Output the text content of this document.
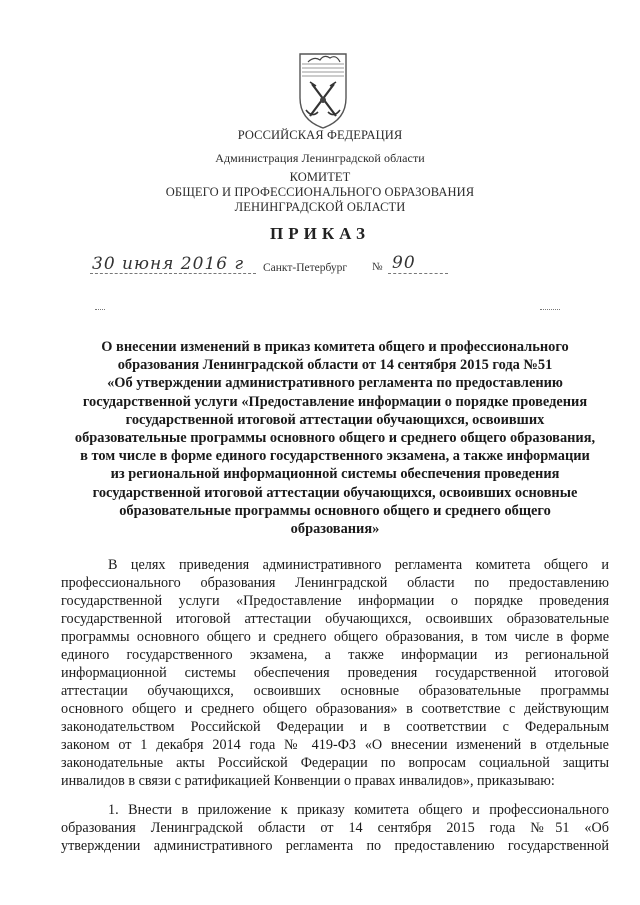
РОССИЙСКАЯ ФЕДЕРАЦИЯ
Администрация Ленинградской области
КОМИТЕТ
ОБЩЕГО И ПРОФЕССИОНАЛЬНОГО ОБРАЗОВАНИЯ
ЛЕНИНГРАДСКОЙ ОБЛАСТИ
ПРИКАЗ
30 июня 2016 г Санкт-Петербург № 90
О внесении изменений в приказ комитета общего и профессионального
образования Ленинградской области от 14 сентября 2015 года №51
«Об утверждении административного регламента по предоставлению
государственной услуги «Предоставление информации о порядке проведения
государственной итоговой аттестации обучающихся, освоивших
образовательные программы основного общего и среднего общего образования,
в том числе в форме единого государственного экзамена, а также информации
из региональной информационной системы обеспечения проведения
государственной итоговой аттестации обучающихся, освоивших основные
образовательные программы основного общего и среднего общего
образования»

В целях приведения административного регламента комитета общего и
профессионального образования Ленинградской области по предоставлению
государственной услуги «Предоставление информации о порядке проведения
государственной итоговой аттестации обучающихся, освоивших образовательные
программы основного общего и среднего общего образования, в том числе в форме
единого государственного экзамена, а также информации из региональной
информационной системы обеспечения проведения государственной итоговой
аттестации обучающихся, освоивших основные образовательные программы
основного общего и среднего общего образования» в соответствие с действующим
законодательством Российской Федерации и в соответствии с Федеральным
законом от 1 декабря 2014 года № 419-ФЗ «О внесении изменений в отдельные
законодательные акты Российской Федерации по вопросам социальной защиты
инвалидов в связи с ратификацией Конвенции о правах инвалидов», приказываю:

1. Внести в приложение к приказу комитета общего и профессионального
образования Ленинградской области от 14 сентября 2015 года №51 «Об
утверждении административного регламента по предоставлению государственной
